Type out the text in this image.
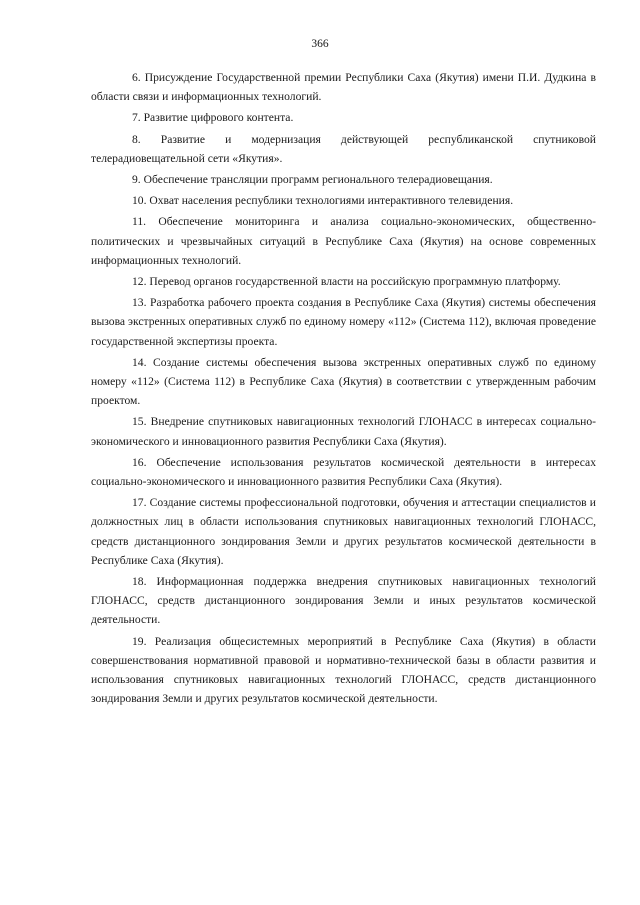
366

6. Присуждение Государственной премии Республики Саха (Якутия) имени П.И. Дудкина в области связи и информационных технологий.

7. Развитие цифрового контента.

8. Развитие и модернизация действующей республиканской спутниковой телерадиовещательной сети «Якутия».

9. Обеспечение трансляции программ регионального телерадиовещания.

10. Охват населения республики технологиями интерактивного телевидения.

11. Обеспечение мониторинга и анализа социально-экономических, общественно-политических и чрезвычайных ситуаций в Республике Саха (Якутия) на основе современных информационных технологий.

12. Перевод органов государственной власти на российскую программную платформу.

13. Разработка рабочего проекта создания в Республике Саха (Якутия) системы обеспечения вызова экстренных оперативных служб по единому номеру «112» (Система 112), включая проведение государственной экспертизы проекта.

14. Создание системы обеспечения вызова экстренных оперативных служб по единому номеру «112» (Система 112) в Республике Саха (Якутия) в соответствии с утвержденным рабочим проектом.

15. Внедрение спутниковых навигационных технологий ГЛОНАСС в интересах социально-экономического и инновационного развития Республики Саха (Якутия).

16. Обеспечение использования результатов космической деятельности в интересах социально-экономического и инновационного развития Республики Саха (Якутия).

17. Создание системы профессиональной подготовки, обучения и аттестации специалистов и должностных лиц в области использования спутниковых навигационных технологий ГЛОНАСС, средств дистанционного зондирования Земли и других результатов космической деятельности в Республике Саха (Якутия).

18. Информационная поддержка внедрения спутниковых навигационных технологий ГЛОНАСС, средств дистанционного зондирования Земли и иных результатов космической деятельности.

19. Реализация общесистемных мероприятий в Республике Саха (Якутия) в области совершенствования нормативной правовой и нормативно-технической базы в области развития и использования спутниковых навигационных технологий ГЛОНАСС, средств дистанционного зондирования Земли и других результатов космической деятельности.
